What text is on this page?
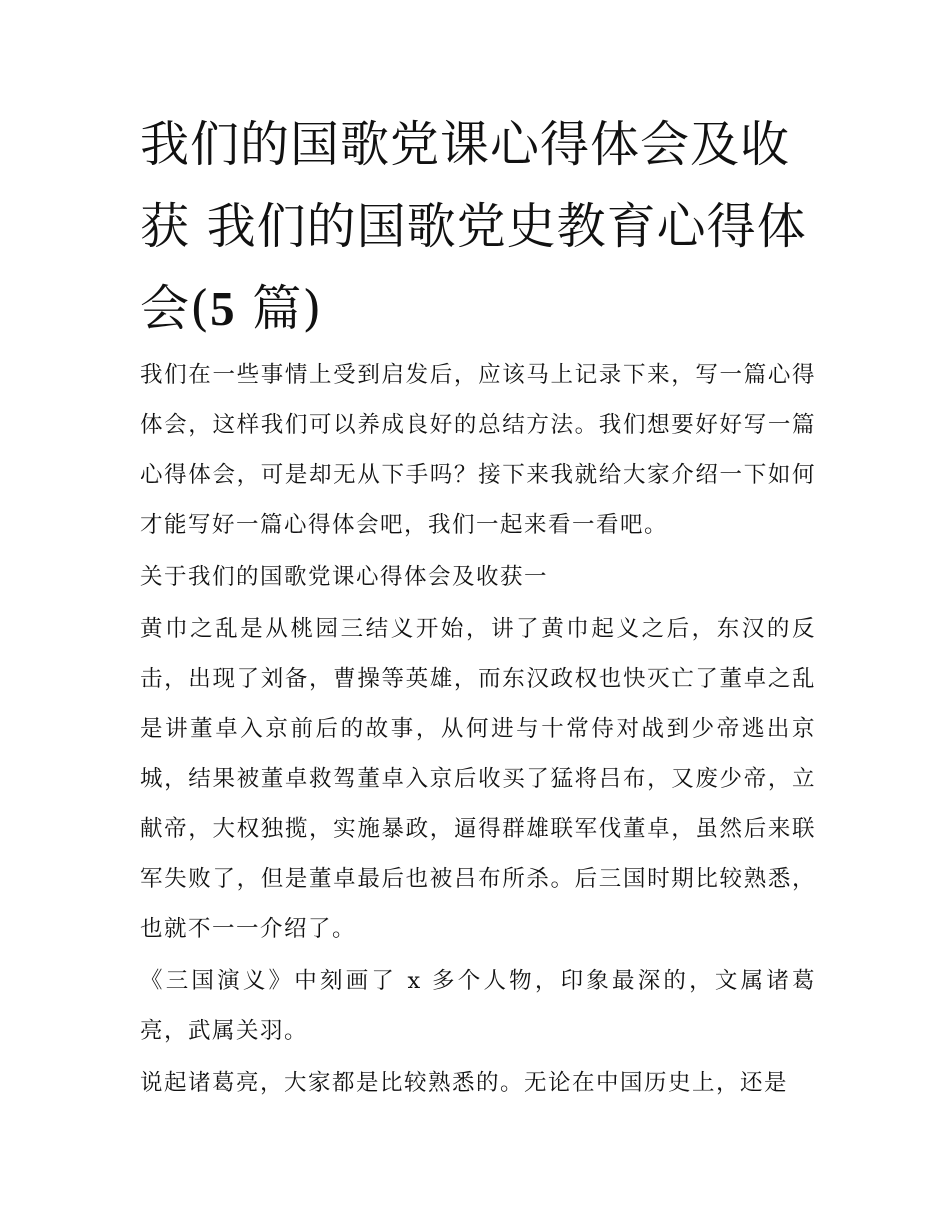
我们的国歌党课心得体会及收获 我们的国歌党史教育心得体会(5 篇)

我们在一些事情上受到启发后，应该马上记录下来，写一篇心得体会，这样我们可以养成良好的总结方法。我们想要好好写一篇心得体会，可是却无从下手吗？接下来我就给大家介绍一下如何才能写好一篇心得体会吧，我们一起来看一看吧。

关于我们的国歌党课心得体会及收获一

黄巾之乱是从桃园三结义开始，讲了黄巾起义之后，东汉的反击，出现了刘备，曹操等英雄，而东汉政权也快灭亡了董卓之乱是讲董卓入京前后的故事，从何进与十常侍对战到少帝逃出京城，结果被董卓救驾董卓入京后收买了猛将吕布，又废少帝，立献帝，大权独揽，实施暴政，逼得群雄联军伐董卓，虽然后来联军失败了，但是董卓最后也被吕布所杀。后三国时期比较熟悉，也就不一一介绍了。

《三国演义》中刻画了 x 多个人物，印象最深的，文属诸葛亮，武属关羽。

说起诸葛亮，大家都是比较熟悉的。无论在中国历史上，还是
